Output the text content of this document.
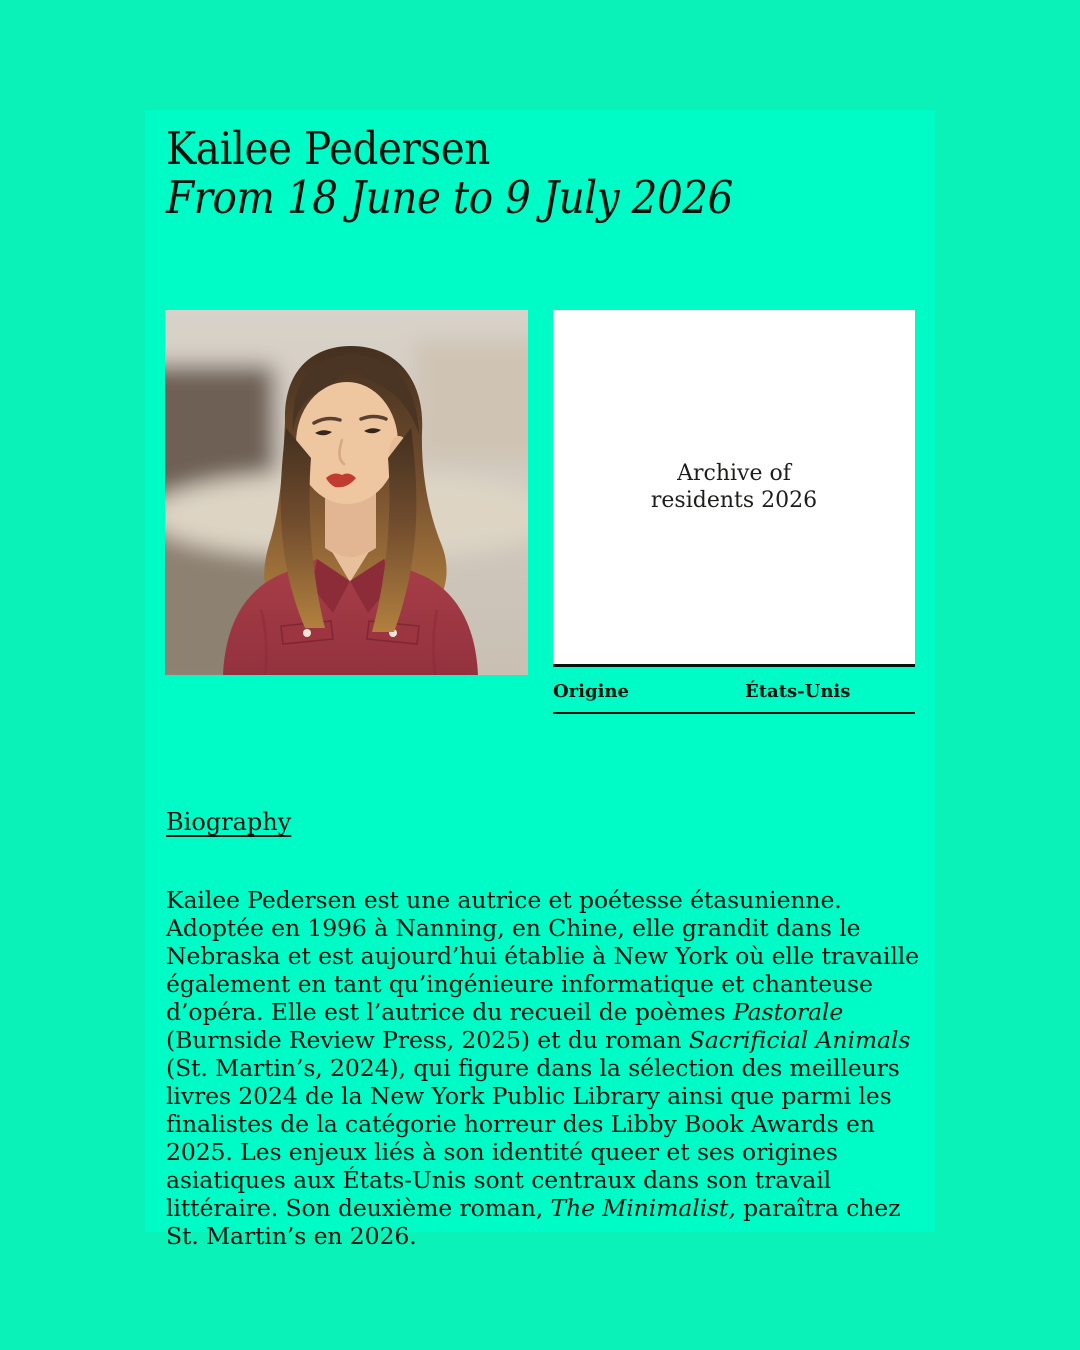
Kailee Pedersen
From 18 June to 9 July 2026
Archive of
residents 2026
Origine	États-Unis
Biography

Kailee Pedersen est une autrice et poétesse étasunienne. Adoptée en 1996 à Nanning, en Chine, elle grandit dans le Nebraska et est aujourd’hui établie à New York où elle travaille également en tant qu’ingénieure informatique et chanteuse d’opéra. Elle est l’autrice du recueil de poèmes Pastorale (Burnside Review Press, 2025) et du roman Sacrificial Animals (St. Martin’s, 2024), qui figure dans la sélection des meilleurs livres 2024 de la New York Public Library ainsi que parmi les finalistes de la catégorie horreur des Libby Book Awards en 2025. Les enjeux liés à son identité queer et ses origines asiatiques aux États-Unis sont centraux dans son travail littéraire. Son deuxième roman, The Minimalist, paraîtra chez St. Martin’s en 2026.
